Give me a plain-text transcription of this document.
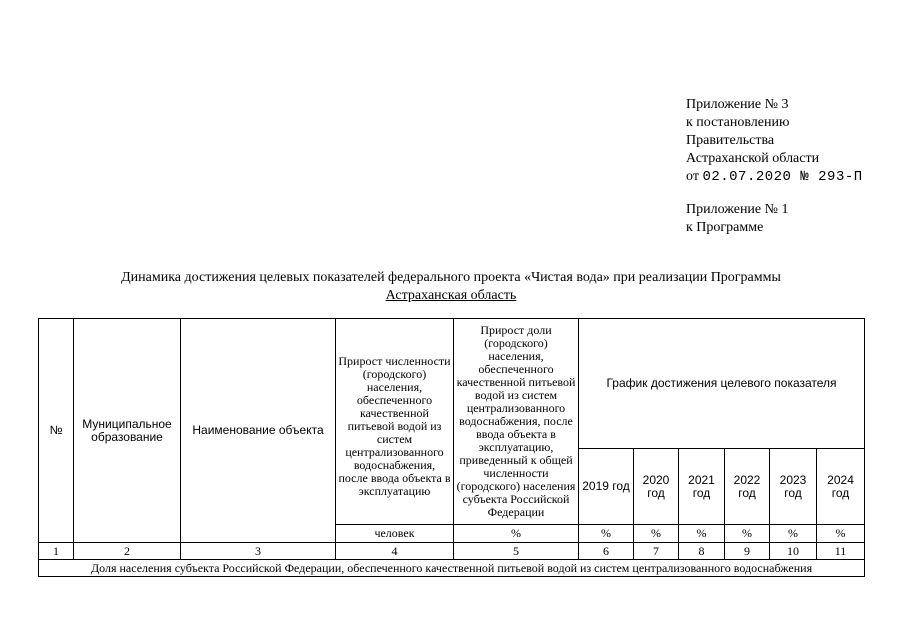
Приложение № 3
к постановлению
Правительства
Астраханской области
от 02.07.2020 № 293-П
Приложение № 1
к Программе
Динамика достижения целевых показателей федерального проекта «Чистая вода» при реализации Программы
Астраханская область
№	Муниципальное образование	Наименование объекта	Прирост численности (городского) населения, обеспеченного качественной питьевой водой из систем централизованного водоснабжения, после ввода объекта в эксплуатацию	Прирост доли (городского) населения, обеспеченного качественной питьевой водой из систем централизованного водоснабжения, после ввода объекта в эксплуатацию, приведенный к общей численности (городского) населения субъекта Российской Федерации	График достижения целевого показателя					
					2019 год	2020 год	2021 год	2022 год	2023 год	2024 год
			человек	%	%	%	%	%	%	%
1	2	3	4	5	6	7	8	9	10	11
Доля населения субъекта Российской Федерации, обеспеченного качественной питьевой водой из систем централизованного водоснабжения										
